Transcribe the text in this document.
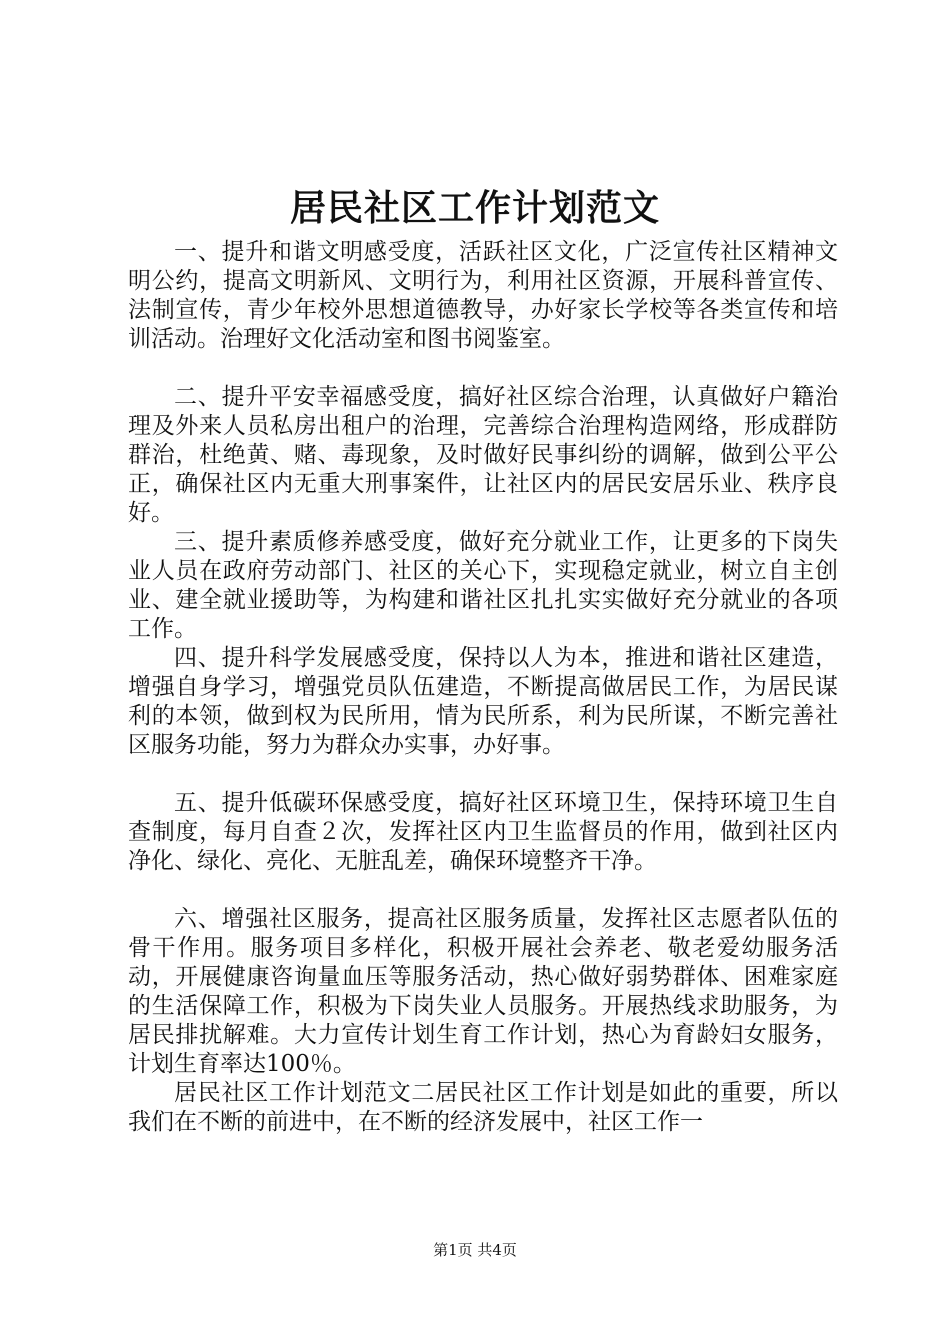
居民社区工作计划范文

一、提升和谐文明感受度，活跃社区文化，广泛宣传社区精神文明公约，提高文明新风、文明行为，利用社区资源，开展科普宣传、法制宣传，青少年校外思想道德教导，办好家长学校等各类宣传和培训活动。治理好文化活动室和图书阅鉴室。

二、提升平安幸福感受度，搞好社区综合治理，认真做好户籍治理及外来人员私房出租户的治理，完善综合治理构造网络，形成群防群治，杜绝黄、赌、毒现象，及时做好民事纠纷的调解，做到公平公正，确保社区内无重大刑事案件，让社区内的居民安居乐业、秩序良好。

三、提升素质修养感受度，做好充分就业工作，让更多的下岗失业人员在政府劳动部门、社区的关心下，实现稳定就业，树立自主创业、建全就业援助等，为构建和谐社区扎扎实实做好充分就业的各项工作。

四、提升科学发展感受度，保持以人为本，推进和谐社区建造，增强自身学习，增强党员队伍建造，不断提高做居民工作，为居民谋利的本领，做到权为民所用，情为民所系，利为民所谋，不断完善社区服务功能，努力为群众办实事，办好事。

五、提升低碳环保感受度，搞好社区环境卫生，保持环境卫生自查制度，每月自查２次，发挥社区内卫生监督员的作用，做到社区内净化、绿化、亮化、无脏乱差，确保环境整齐干净。

六、增强社区服务，提高社区服务质量，发挥社区志愿者队伍的骨干作用。服务项目多样化，积极开展社会养老、敬老爱幼服务活动，开展健康咨询量血压等服务活动，热心做好弱势群体、困难家庭的生活保障工作，积极为下岗失业人员服务。开展热线求助服务，为居民排扰解难。大力宣传计划生育工作计划，热心为育龄妇女服务，计划生育率达100％。

居民社区工作计划范文二居民社区工作计划是如此的重要，所以我们在不断的前进中，在不断的经济发展中，社区工作一

第1页 共4页
